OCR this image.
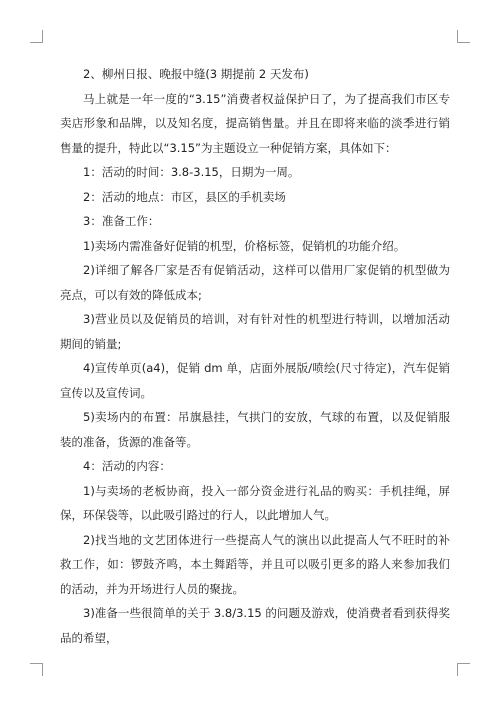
2、柳州日报、晚报中缝(3 期提前 2 天发布)

马上就是一年一度的“3.15”消费者权益保护日了，为了提高我们市区专卖店形象和品牌，以及知名度，提高销售量。并且在即将来临的淡季进行销售量的提升，特此以“3.15”为主题设立一种促销方案，具体如下：

1：活动的时间：3.8-3.15，日期为一周。

2：活动的地点：市区，县区的手机卖场

3：准备工作：

1)卖场内需准备好促销的机型，价格标签，促销机的功能介绍。

2)详细了解各厂家是否有促销活动，这样可以借用厂家促销的机型做为亮点，可以有效的降低成本;

3)营业员以及促销员的培训，对有针对性的机型进行特训，以增加活动期间的销量;

4)宣传单页(a4)，促销 dm 单，店面外展版/喷绘(尺寸待定)，汽车促销宣传以及宣传词。

5)卖场内的布置：吊旗悬挂，气拱门的安放，气球的布置，以及促销服装的准备，货源的准备等。

4：活动的内容：

1)与卖场的老板协商，投入一部分资金进行礼品的购买：手机挂绳，屏保，环保袋等，以此吸引路过的行人，以此增加人气。

2)找当地的文艺团体进行一些提高人气的演出以此提高人气不旺时的补救工作，如：锣鼓齐鸣，本土舞蹈等，并且可以吸引更多的路人来参加我们的活动，并为开场进行人员的聚拢。

3)准备一些很简单的关于 3.8/3.15 的问题及游戏，使消费者看到获得奖品的希望，
